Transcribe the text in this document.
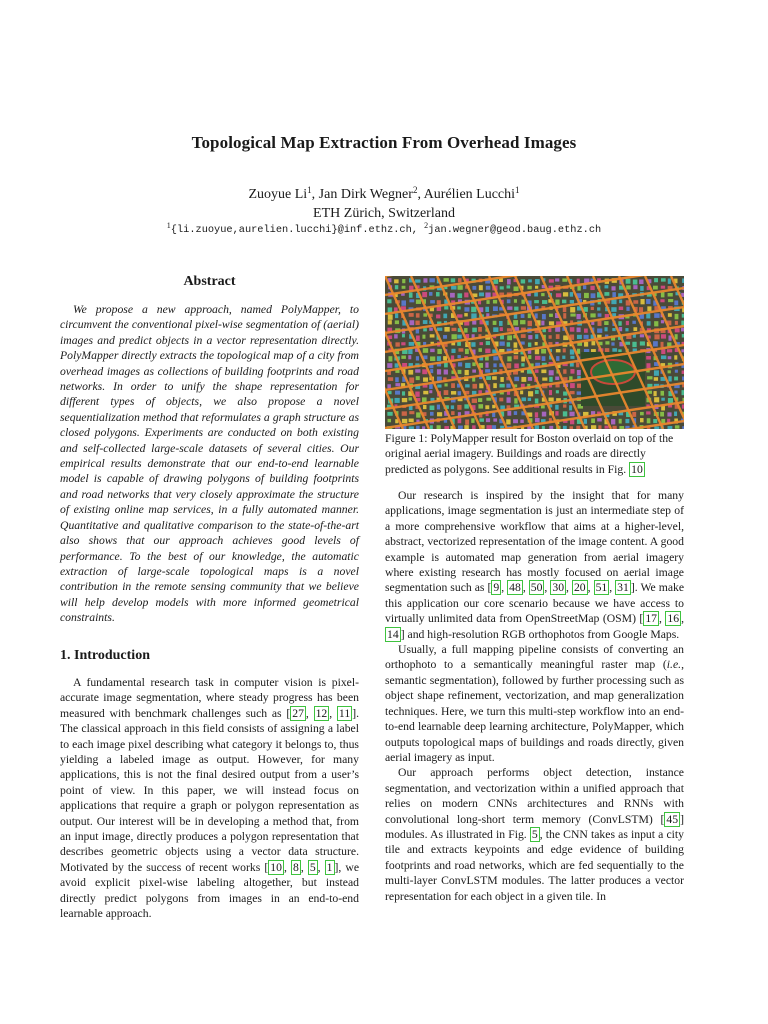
Topological Map Extraction From Overhead Images
Zuoyue Li$^1$, Jan Dirk Wegner$^2$, Aurélien Lucchi$^1$
ETH Zürich, Switzerland
$^1${li.zuoyue,aurelien.lucchi}@inf.ethz.ch, $^2$jan.wegner@geod.baug.ethz.ch
Abstract

We propose a new approach, named PolyMapper, to circumvent the conventional pixel-wise segmentation of (aerial) images and predict objects in a vector representation directly. PolyMapper directly extracts the topological map of a city from overhead images as collections of building footprints and road networks. In order to unify the shape representation for different types of objects, we also propose a novel sequentialization method that reformulates a graph structure as closed polygons. Experiments are conducted on both existing and self-collected large-scale datasets of several cities. Our empirical results demonstrate that our end-to-end learnable model is capable of drawing polygons of building footprints and road networks that very closely approximate the structure of existing online map services, in a fully automated manner. Quantitative and qualitative comparison to the state-of-the-art also shows that our approach achieves good levels of performance. To the best of our knowledge, the automatic extraction of large-scale topological maps is a novel contribution in the remote sensing community that we believe will help develop models with more informed geometrical constraints.

1. Introduction

A fundamental research task in computer vision is pixel-accurate image segmentation, where steady progress has been measured with benchmark challenges such as [ 27 , 12 , 11 ]. The classical approach in this field consists of assigning a label to each image pixel describing what category it belongs to, thus yielding a labeled image as output. However, for many applications, this is not the final desired output from a user’s point of view. In this paper, we will instead focus on applications that require a graph or polygon representation as output. Our interest will be in developing a method that, from an input image, directly produces a polygon representation that describes geometric objects using a vector data structure. Motivated by the success of recent works [ 10 , 8 , 5 , 1 ], we avoid explicit pixel-wise labeling altogether, but instead directly predict polygons from images in an end-to-end learnable approach.

Figure 1: PolyMapper result for Boston overlaid on top of the original aerial imagery. Buildings and roads are directly predicted as polygons. See additional results in Fig. 10

Our research is inspired by the insight that for many applications, image segmentation is just an intermediate step of a more comprehensive workflow that aims at a higher-level, abstract, vectorized representation of the image content. A good example is automated map generation from aerial imagery where existing research has mostly focused on aerial image segmentation such as [ 9 , 48 , 50 , 30 , 20 , 51 , 31 ]. We make this application our core scenario because we have access to virtually unlimited data from OpenStreetMap (OSM) [ 17 , 16 , 14 ] and high-resolution RGB orthophotos from Google Maps.

Usually, a full mapping pipeline consists of converting an orthophoto to a semantically meaningful raster map (i.e., semantic segmentation), followed by further processing such as object shape refinement, vectorization, and map generalization techniques. Here, we turn this multi-step workflow into an end-to-end learnable deep learning architecture, PolyMapper, which outputs topological maps of buildings and roads directly, given aerial imagery as input.

Our approach performs object detection, instance segmentation, and vectorization within a unified approach that relies on modern CNNs architectures and RNNs with convolutional long-short term memory (ConvLSTM) [ 45 ] modules. As illustrated in Fig. 5 , the CNN takes as input a city tile and extracts keypoints and edge evidence of building footprints and road networks, which are fed sequentially to the multi-layer ConvLSTM modules. The latter produces a vector representation for each object in a given tile. In
